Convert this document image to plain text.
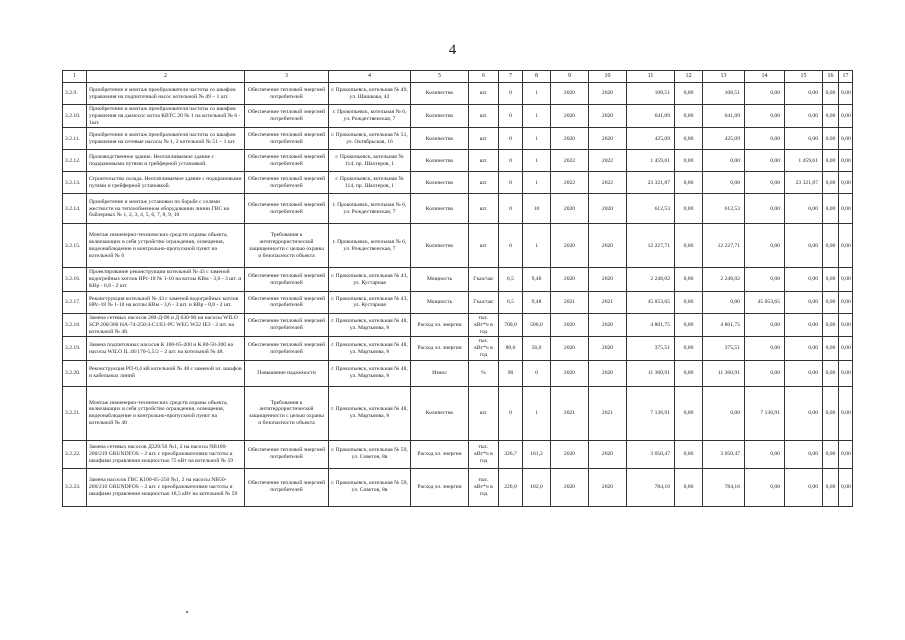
4
1	2	3	4	5	6	7	8	9	10	11	12	13	14	15	16	17
3.2.9.	Приобретение и монтаж преобразователя частоты со шкафом управления на подпиточный насос котельной № 49 – 1 шт.	Обеспечение тепловой энергией потребителей	г. Прокопьевск, котельная № 49, ул. Шишкова, 42	Количество	шт.	0	1	2020	2020	108,51	0,00	108,51	0,00	0,00	0,00	0,00
3.2.10.	Приобретение и монтаж преобразователя частоты со шкафом управления на дымосос котла КВТС 20 № 1 на котельной № 6 - 1шт.	Обеспечение тепловой энергией потребителей	г. Прокопьевск, котельная № 6, ул. Рождественская, 7	Количество	шт.	0	1	2020	2020	641,09	0,00	641,09	0,00	0,00	0,00	0,00
3.2.11.	Приобретение и монтаж преобразователя частоты со шкафом управления на сетевые насосы № 1, 2 котельной № 51 – 1 шт.	Обеспечение тепловой энергией потребителей	г. Прокопьевск, котельная № 51, ул. Октябрьская, 16	Количество	шт.	0	1	2020	2020	425,09	0,00	425,09	0,00	0,00	0,00	0,00
3.2.12.	Производственное здание. Неотапливаемое здание с подкрановыми путями и грейферной установкой.	Обеспечение тепловой энергией потребителей	г. Прокопьевск, котельная № 114, пр. Шахтеров, 1	Количество	шт.	0	1	2022	2022	1 459,61	0,00	0,00	0,00	1 459,61	0,00	0,00
3.2.13.	Строительство склада. Неотапливаемое здание с подкрановыми путями и грейферной установкой.	Обеспечение тепловой энергией потребителей	г. Прокопьевск, котельная № 114, пр. Шахтеров, 1	Количество	шт.	0	1	2022	2022	23 321,87	0,00	0,00	0,00	23 321,87	0,00	0,00
3.2.14.	Приобретение и монтаж установки по борьбе с солями жесткости на теплообменном оборудовании линии ГВС на бойлерных № 1, 2, 3, 4, 5, 6, 7, 8, 9, 10	Обеспечение тепловой энергией потребителей	г. Прокопьевск, котельная № 6, ул. Рождественская, 7	Количество	шт.	0	10	2020	2020	612,53	0,00	612,53	0,00	0,00	0,00	0,00
3.2.15.	Монтаж инженерно-технических средств охраны объекта, включающих в себя устройство ограждения, освещения, видеонаблюдение и контрольно-пропускной пункт на котельной № 6	Требования к антитеррористической защищенности с целью охраны и безопасности объекта	г. Прокопьевск, котельная № 6, ул. Рождественская, 7	Количество	шт.	0	1	2020	2020	12 227,71	0,00	12 227,71	0,00	0,00	0,00	0,00
3.2.16.	Проектирование реконструкции котельной № 43 с заменой водогрейных котлов НРс-18 № 1-10 на котлы КВм - 3,6 - 3 шт. и КВр - 0,8 - 2 шт.	Обеспечение тепловой энергией потребителей	г. Прокопьевск, котельная № 43, ул. Кустарная	Мощность	Гкал/час	6,5	9,48	2020	2020	2 248,02	0,00	2 248,02	0,00	0,00	0,00	0,00
3.2.17.	Реконструкция котельной № 43 с заменой водогрейных котлов НРс-18 № 1-10 на котлы КВм - 3,6 - 3 шт. и КВр - 0,8 - 2 шт.	Обеспечение тепловой энергией потребителей	г. Прокопьевск, котельная № 43, ул. Кустарная	Мощность	Гкал/час	6,5	9,48	2021	2021	45 053,65	0,00	0,00	45 053,65	0,00	0,00	0,00
3.2.18.	Замена сетевых насосов 200-Д-90 и Д 630-90 на насосы WILO SCP 200/360 HA-74-250/4-C1/E1-PC WEG W22 IE3 - 2 шт. на котельной № 48.	Обеспечение тепловой энергией потребителей	г. Прокопьевск, котельная № 48, ул. Мартьяова, 8	Расход эл. энергии	тыс. кВт*ч в год	700,0	500,0	2020	2020	4 801,75	0,00	4 801,75	0,00	0,00	0,00	0,00
3.2.19.	Замена подпиточных насосов К 100-65-200 и К 80-50-200 на насосы WILO IL 40/170-5,5/2 – 2 шт. на котельной № 48.	Обеспечение тепловой энергией потребителей	г. Прокопьевск, котельная № 48, ул. Мартьяова, 8	Расход эл. энергии	тыс. кВт*ч в год	80,0	56,0	2020	2020	375,51	0,00	375,51	0,00	0,00	0,00	0,00
3.2.20.	Реконструкция РП-0,4 кВ котельной № 48 с заменой эл. шкафов и кабельных линий	Повышение надежности	г. Прокопьевск, котельная № 48, ул. Мартьяова, 8	Износ	%	90	0	2020	2020	11 360,91	0,00	11 360,91	0,00	0,00	0,00	0,00
3.2.21.	Монтаж инженерно-технических средств охраны объекта, включающих в себя устройство ограждения, освещения, видеонаблюдение и контрольно-пропускной пункт на котельной № 48	Требования к антитеррористической защищенности с целью охраны и безопасности объекта	г. Прокопьевск, котельная № 48, ул. Мартьяова, 8	Количество	шт.	0	1	2021	2021	7 136,91	0,00	0,00	7 136,91	0,00	0,00	0,00
3.2.22.	Замена сетевых насосов Д320/50 №1, 2 на насосы NB100-200/219 GRUNDFOS – 2 шт. с преобразователями частоты и шкафами управления мощностью 75 кВт на котельной № 59	Обеспечение тепловой энергией потребителей	г. Прокопьевск, котельная № 59, ул. Советов, 8в	Расход эл. энергии	тыс. кВт*ч в год	326,7	161,2	2020	2020	3 050,47	0,00	3 050,47	0,00	0,00	0,00	0,00
3.2.23.	Замена насосов ГВС К100-65-250 №1, 2 на насосы NB50-200/210 GRUNDFOS – 2 шт. с преобразователями частоты и шкафами управления мощностью 18,5 кВт на котельной № 59	Обеспечение тепловой энергией потребителей	г. Прокопьевск, котельная № 59, ул. Советов, 8в	Расход эл. энергии	тыс. кВт*ч в год	220,0	102,0	2020	2020	784,16	0,00	784,16	0,00	0,00	0,00	0,00
